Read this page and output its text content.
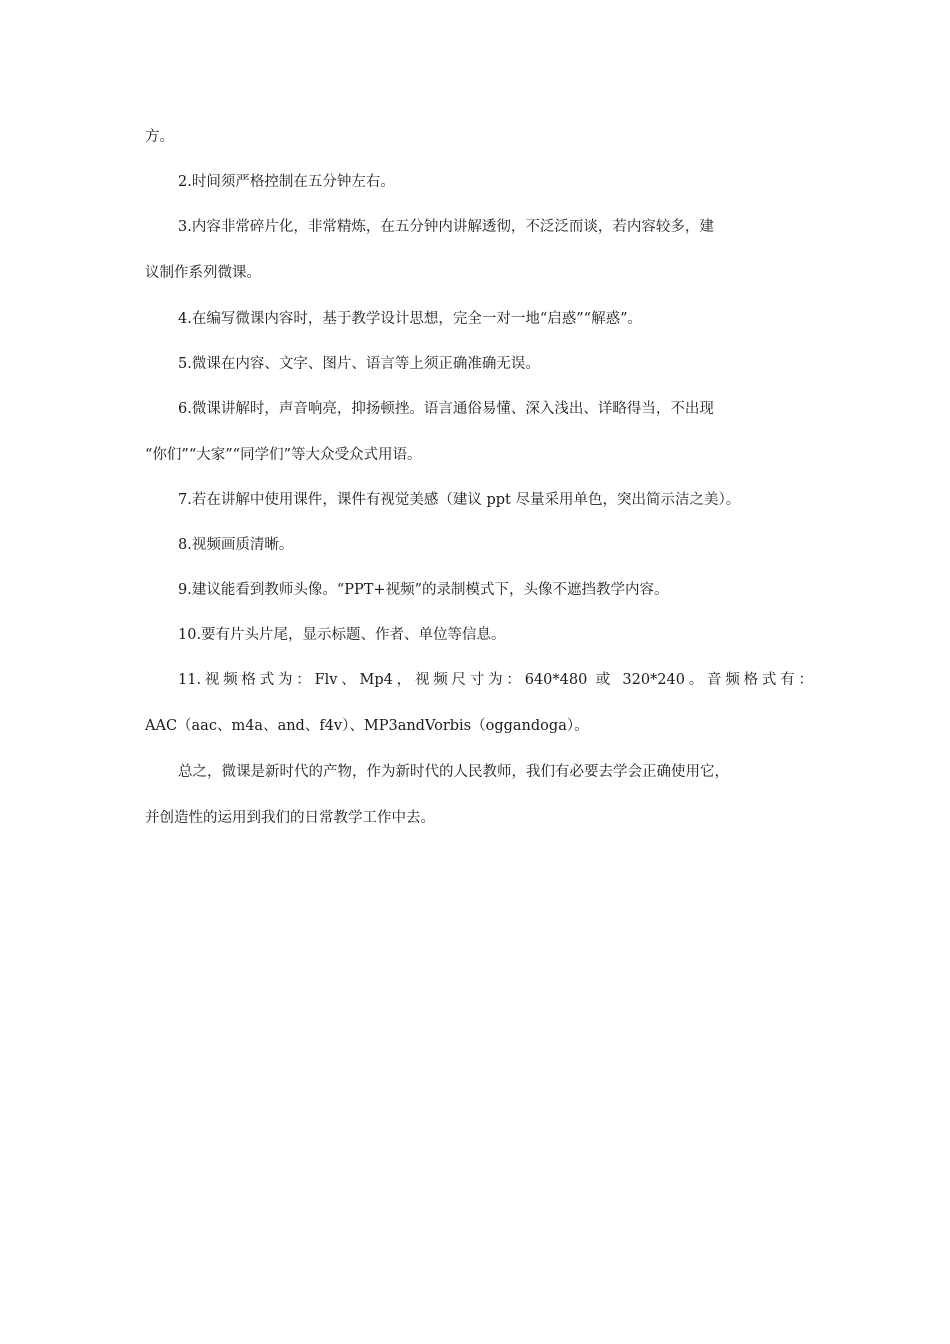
方。
2.时间须严格控制在五分钟左右。
3.内容非常碎片化，非常精炼，在五分钟内讲解透彻，不泛泛而谈，若内容较多，建
议制作系列微课。
4.在编写微课内容时，基于教学设计思想，完全一对一地“启惑”“解惑”。
5.微课在内容、文字、图片、语言等上须正确准确无误。
6.微课讲解时，声音响亮，抑扬顿挫。语言通俗易懂、深入浅出、详略得当，不出现
“你们”“大家”“同学们”等大众受众式用语。
7.若在讲解中使用课件，课件有视觉美感（建议 ppt 尽量采用单色，突出简示洁之美）。
8.视频画质清晰。
9.建议能看到教师头像。“PPT+视频”的录制模式下，头像不遮挡教学内容。
10.要有片头片尾，显示标题、作者、单位等信息。
11.视频格式为：Flv、Mp4，视频尺寸为：640*480 或 320*240。音频格式有：
AAC（aac、m4a、and、f4v）、MP3andVorbis（oggandoga）。
总之，微课是新时代的产物，作为新时代的人民教师，我们有必要去学会正确使用它，
并创造性的运用到我们的日常教学工作中去。
